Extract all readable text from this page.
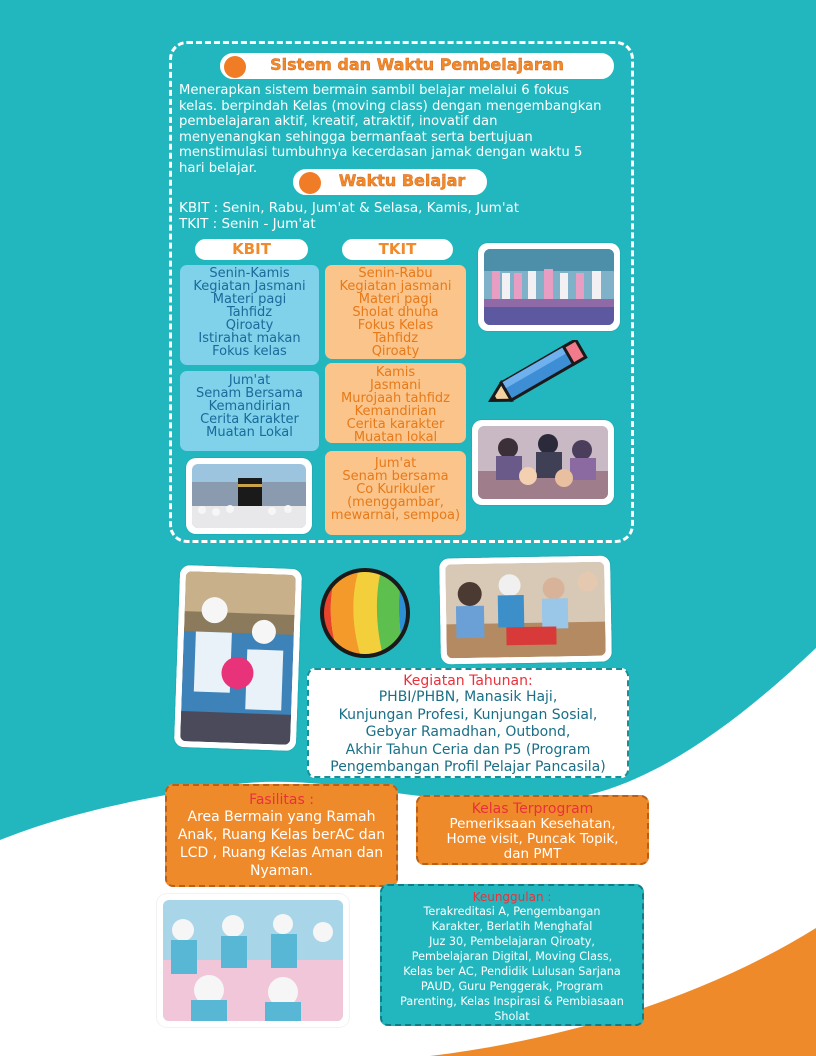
Sistem dan Waktu Pembelajaran
Menerapkan sistem bermain sambil belajar melalui 6 fokus
kelas. berpindah Kelas (moving class) dengan mengembangkan
pembelajaran aktif, kreatif, atraktif, inovatif dan
menyenangkan sehingga bermanfaat serta bertujuan
menstimulasi tumbuhnya kecerdasan jamak dengan waktu 5
hari belajar.
Waktu Belajar
KBIT : Senin, Rabu, Jum'at & Selasa, Kamis, Jum'at
TKIT : Senin - Jum'at
KBIT	TKIT
Senin-Kamis
Kegiatan Jasmani
Materi pagi
Tahfidz
Qiroaty
Istirahat makan
Fokus kelas
Jum'at
Senam Bersama
Kemandirian
Cerita Karakter
Muatan Lokal
Senin-Rabu
Kegiatan jasmani
Materi pagi
Sholat dhuha
Fokus Kelas
Tahfidz
Qiroaty
Kamis
Jasmani
Murojaah tahfidz
Kemandirian
Cerita karakter
Muatan lokal
Jum'at
Senam bersama
Co Kurikuler
(menggambar,
mewarnai, sempoa)
Kegiatan Tahunan:
PHBI/PHBN, Manasik Haji,
Kunjungan Profesi, Kunjungan Sosial,
Gebyar Ramadhan, Outbond,
Akhir Tahun Ceria dan P5 (Program
Pengembangan Profil Pelajar Pancasila)
Fasilitas :
Area Bermain yang Ramah
Anak, Ruang Kelas berAC dan
LCD , Ruang Kelas Aman dan
Nyaman.
Kelas Terprogram
Pemeriksaan Kesehatan,
Home visit, Puncak Topik,
dan PMT
Keunggulan :
Terakreditasi A, Pengembangan
Karakter, Berlatih Menghafal
Juz 30, Pembelajaran Qiroaty,
Pembelajaran Digital, Moving Class,
Kelas ber AC, Pendidik Lulusan Sarjana
PAUD, Guru Penggerak, Program
Parenting, Kelas Inspirasi & Pembiasaan
Sholat
